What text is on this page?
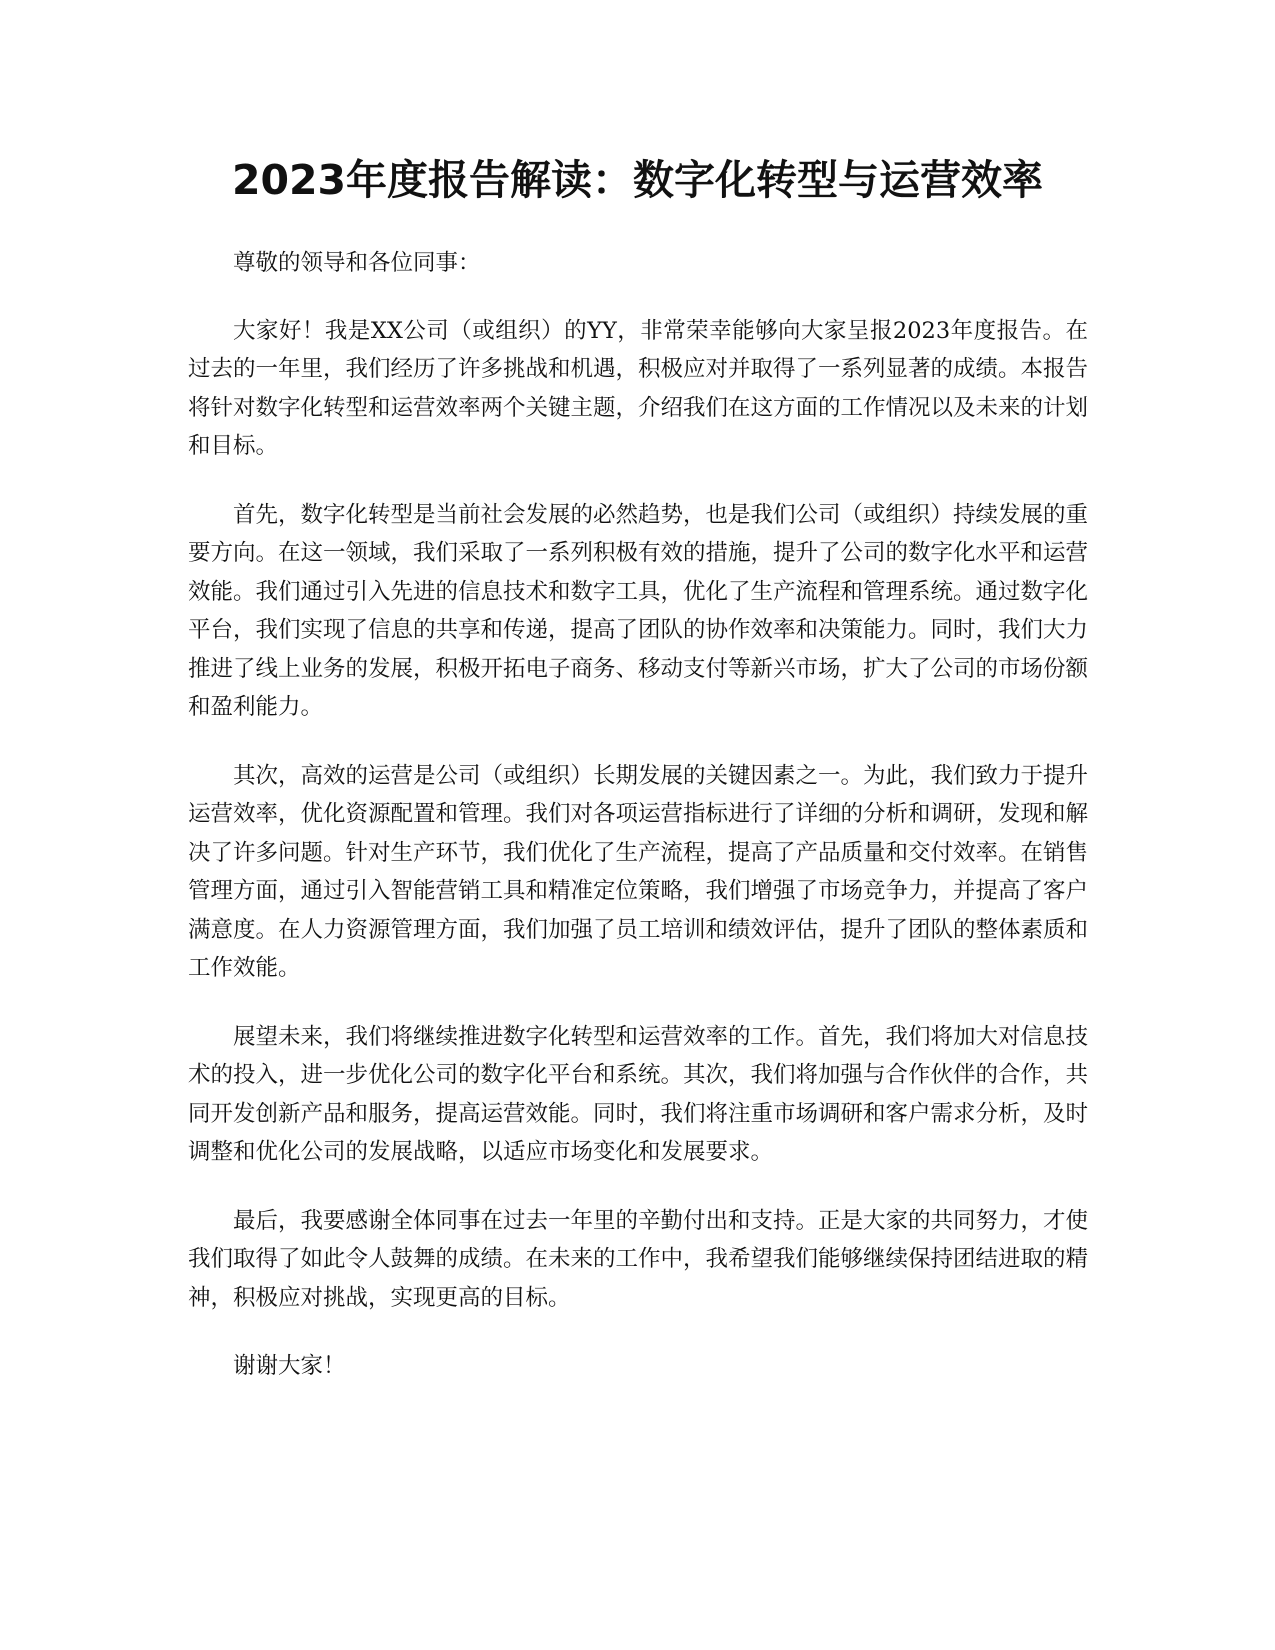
2023年度报告解读：数字化转型与运营效率

尊敬的领导和各位同事：

大家好！我是XX公司（或组织）的YY，非常荣幸能够向大家呈报2023年度报告。在过去的一年里，我们经历了许多挑战和机遇，积极应对并取得了一系列显著的成绩。本报告将针对数字化转型和运营效率两个关键主题，介绍我们在这方面的工作情况以及未来的计划和目标。

首先，数字化转型是当前社会发展的必然趋势，也是我们公司（或组织）持续发展的重要方向。在这一领域，我们采取了一系列积极有效的措施，提升了公司的数字化水平和运营效能。我们通过引入先进的信息技术和数字工具，优化了生产流程和管理系统。通过数字化平台，我们实现了信息的共享和传递，提高了团队的协作效率和决策能力。同时，我们大力推进了线上业务的发展，积极开拓电子商务、移动支付等新兴市场，扩大了公司的市场份额和盈利能力。

其次，高效的运营是公司（或组织）长期发展的关键因素之一。为此，我们致力于提升运营效率，优化资源配置和管理。我们对各项运营指标进行了详细的分析和调研，发现和解决了许多问题。针对生产环节，我们优化了生产流程，提高了产品质量和交付效率。在销售管理方面，通过引入智能营销工具和精准定位策略，我们增强了市场竞争力，并提高了客户满意度。在人力资源管理方面，我们加强了员工培训和绩效评估，提升了团队的整体素质和工作效能。

展望未来，我们将继续推进数字化转型和运营效率的工作。首先，我们将加大对信息技术的投入，进一步优化公司的数字化平台和系统。其次，我们将加强与合作伙伴的合作，共同开发创新产品和服务，提高运营效能。同时，我们将注重市场调研和客户需求分析，及时调整和优化公司的发展战略，以适应市场变化和发展要求。

最后，我要感谢全体同事在过去一年里的辛勤付出和支持。正是大家的共同努力，才使我们取得了如此令人鼓舞的成绩。在未来的工作中，我希望我们能够继续保持团结进取的精神，积极应对挑战，实现更高的目标。

谢谢大家！
